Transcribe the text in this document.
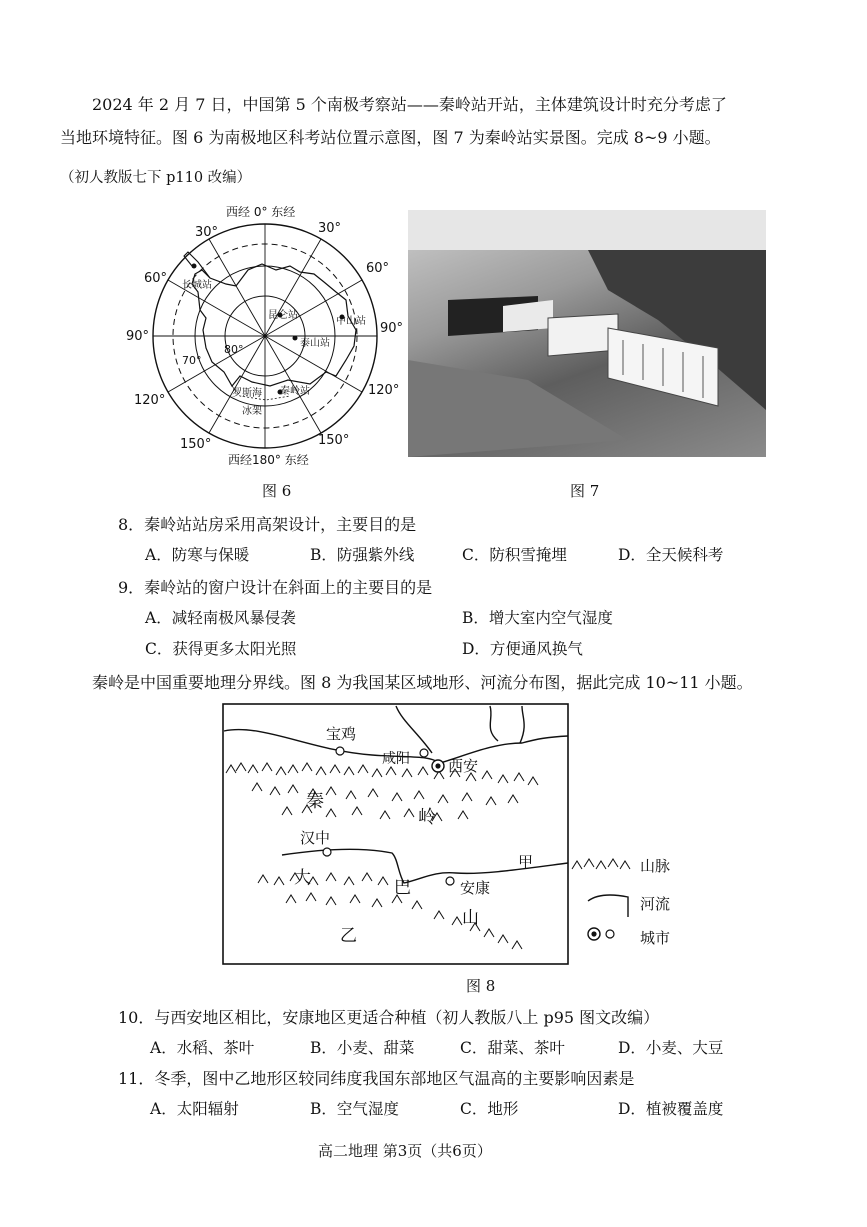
2024 年 2 月 7 日，中国第 5 个南极考察站——秦岭站开站，主体建筑设计时充分考虑了
当地环境特征。图 6 为南极地区科考站位置示意图，图 7 为秦岭站实景图。完成 8~9 小题。
（初人教版七下 p110 改编）
西经 0° 东经
西经180° 东经
30°	30°
60°
60°
90°
90°
120°
120°
150°	150°
70°
80°
长城站
昆仑站
中山站
泰山站
秦岭站
罗斯海
冰架
图 6	图 7
8．秦岭站站房采用高架设计，主要目的是
A．防寒与保暖	B．防强紫外线	C．防积雪掩埋	D．全天候科考
9．秦岭站的窗户设计在斜面上的主要目的是
A．减轻南极风暴侵袭	B．增大室内空气湿度
C．获得更多太阳光照	D．方便通风换气
秦岭是中国重要地理分界线。图 8 为我国某区域地形、河流分布图，据此完成 10~11 小题。
宝鸡
咸阳	西安
秦
岭
汉中
甲
大	巴	安康
山
乙
山脉
河流
城市
图 8
10．与西安地区相比，安康地区更适合种植（初人教版八上 p95 图文改编）
A．水稻、茶叶	B．小麦、甜菜	C．甜菜、茶叶	D．小麦、大豆
11．冬季，图中乙地形区较同纬度我国东部地区气温高的主要影响因素是
A．太阳辐射	B．空气湿度	C．地形	D．植被覆盖度
高二地理 第3页（共6页）
